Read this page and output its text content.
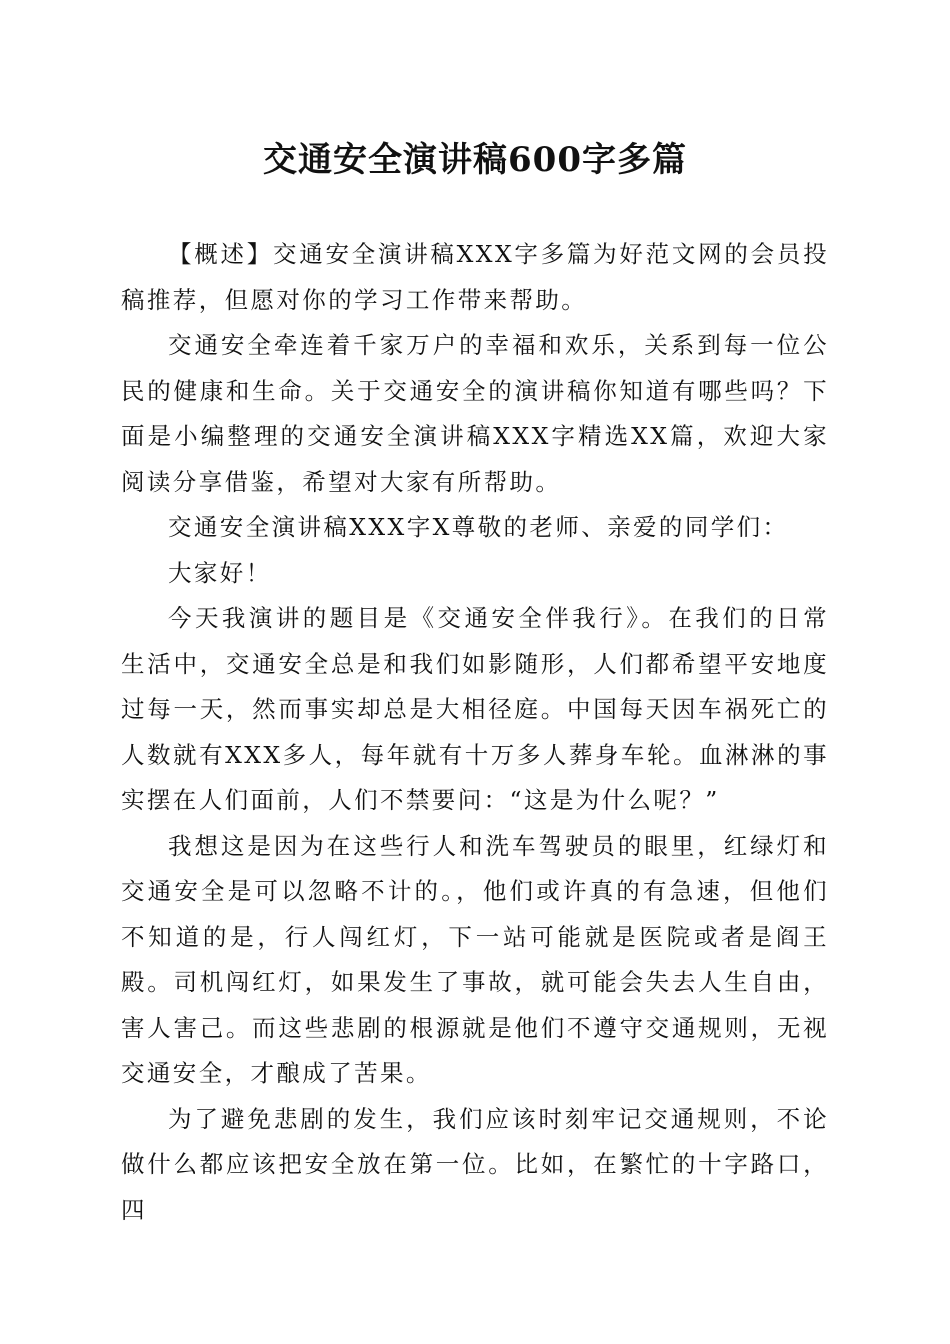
交通安全演讲稿600字多篇

【概述】交通安全演讲稿XXX字多篇为好范文网的会员投稿推荐，但愿对你的学习工作带来帮助。

交通安全牵连着千家万户的幸福和欢乐，关系到每一位公民的健康和生命。关于交通安全的演讲稿你知道有哪些吗？下面是小编整理的交通安全演讲稿XXX字精选XX篇，欢迎大家阅读分享借鉴，希望对大家有所帮助。

交通安全演讲稿XXX字X尊敬的老师、亲爱的同学们：

大家好！

今天我演讲的题目是《交通安全伴我行》。在我们的日常生活中，交通安全总是和我们如影随形，人们都希望平安地度过每一天，然而事实却总是大相径庭。中国每天因车祸死亡的人数就有XXX多人，每年就有十万多人葬身车轮。血淋淋的事实摆在人们面前，人们不禁要问：“这是为什么呢？”

我想这是因为在这些行人和洗车驾驶员的眼里，红绿灯和交通安全是可以忽略不计的。，他们或许真的有急速，但他们不知道的是，行人闯红灯，下一站可能就是医院或者是阎王殿。司机闯红灯，如果发生了事故，就可能会失去人生自由，害人害己。而这些悲剧的根源就是他们不遵守交通规则，无视交通安全，才酿成了苦果。

为了避免悲剧的发生，我们应该时刻牢记交通规则，不论做什么都应该把安全放在第一位。比如，在繁忙的十字路口，四
